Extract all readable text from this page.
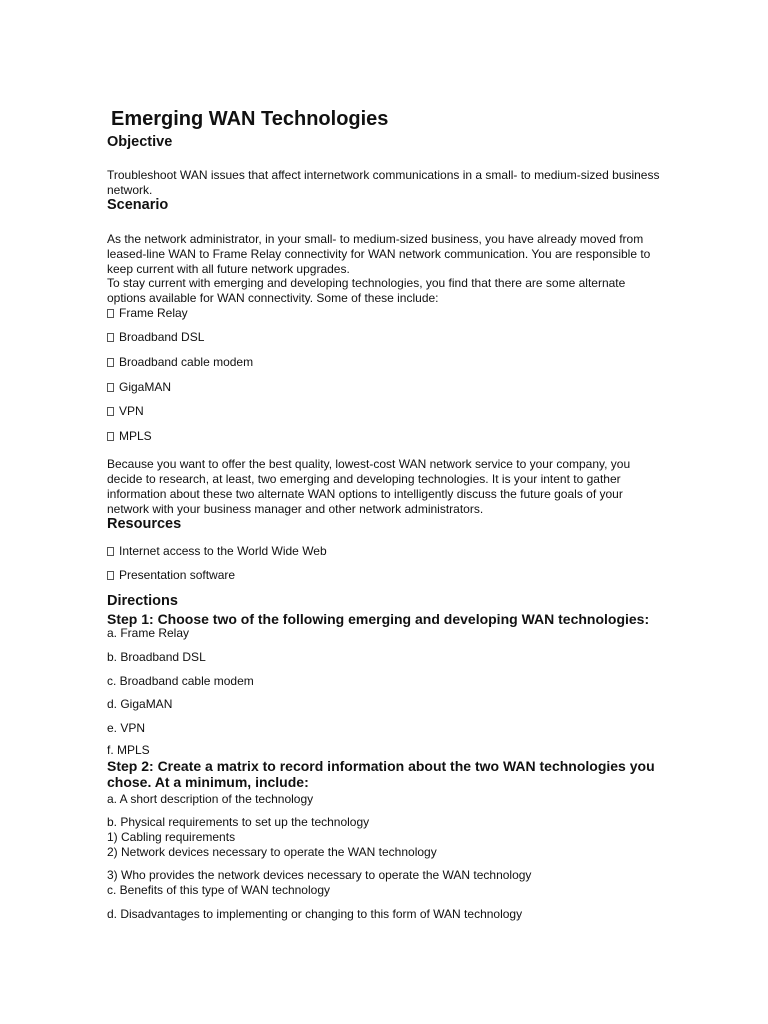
Emerging WAN Technologies
Objective
Troubleshoot WAN issues that affect internetwork communications in a small- to medium-sized business network.
Scenario
As the network administrator, in your small- to medium-sized business, you have already moved from leased-line WAN to Frame Relay connectivity for WAN network communication. You are responsible to keep current with all future network upgrades.
To stay current with emerging and developing technologies, you find that there are some alternate options available for WAN connectivity. Some of these include:
Frame Relay
Broadband DSL
Broadband cable modem
GigaMAN
VPN
MPLS
Because you want to offer the best quality, lowest-cost WAN network service to your company, you decide to research, at least, two emerging and developing technologies. It is your intent to gather information about these two alternate WAN options to intelligently discuss the future goals of your network with your business manager and other network administrators.
Resources
Internet access to the World Wide Web
Presentation software
Directions
Step 1: Choose two of the following emerging and developing WAN technologies:
a. Frame Relay
b. Broadband DSL
c. Broadband cable modem
d. GigaMAN
e. VPN
f. MPLS
Step 2: Create a matrix to record information about the two WAN technologies you chose. At a minimum, include:
a. A short description of the technology
b. Physical requirements to set up the technology
1) Cabling requirements
2) Network devices necessary to operate the WAN technology
3) Who provides the network devices necessary to operate the WAN technology
c. Benefits of this type of WAN technology
d. Disadvantages to implementing or changing to this form of WAN technology
